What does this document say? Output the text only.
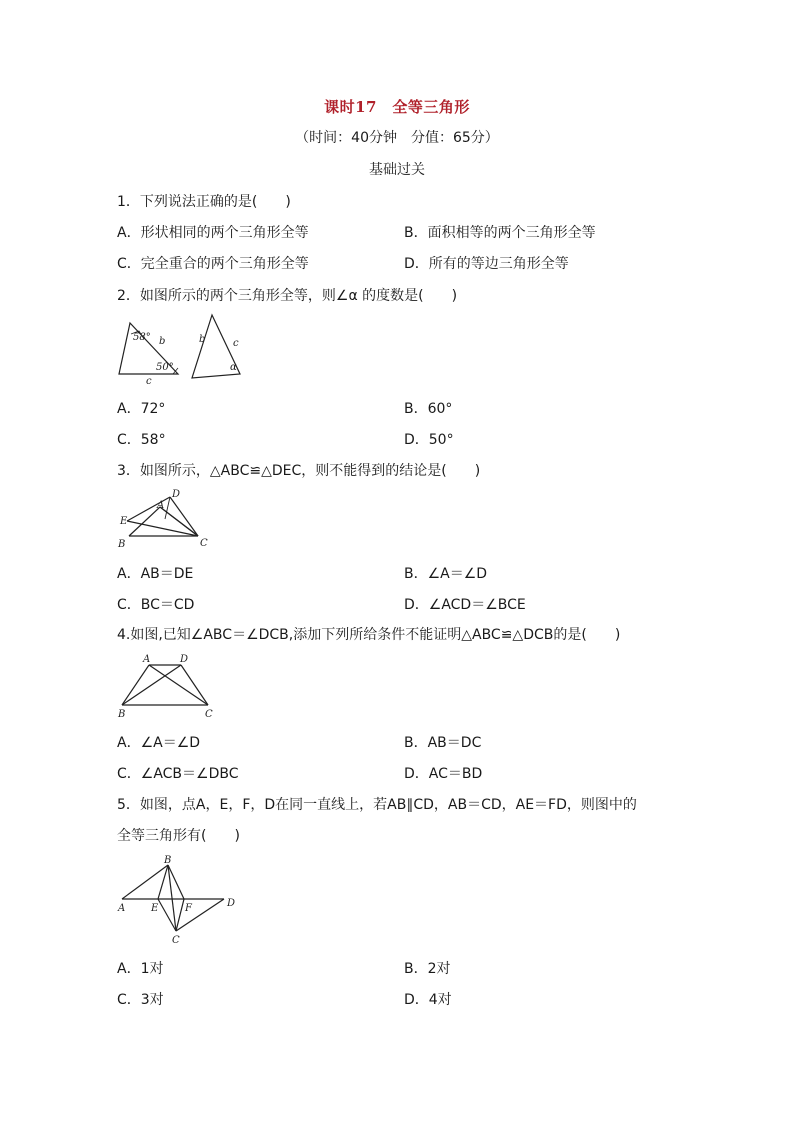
课时17　全等三角形
（时间：40分钟　分值：65分）
基础过关
1．下列说法正确的是(　　)
A．形状相同的两个三角形全等	B．面积相等的两个三角形全等
C．完全重合的两个三角形全等	D．所有的等边三角形全等
2．如图所示的两个三角形全等，则∠α 的度数是(　　)
58° b
50°
c
b	c
α
A．72°	B．60°
C．58°	D．50°
3．如图所示，△ABC≌△DEC，则不能得到的结论是(　　)
D
A
E
B	C
A．AB＝DE	B．∠A＝∠D
C．BC＝CD	D．∠ACD＝∠BCE
4.如图,已知∠ABC＝∠DCB,添加下列所给条件不能证明△ABC≌△DCB的是(　　)
A	D
B	C
A．∠A＝∠D	B．AB＝DC
C．∠ACB＝∠DBC	D．AC＝BD
5．如图，点A，E，F，D在同一直线上，若AB∥CD，AB＝CD，AE＝FD，则图中的
全等三角形有(　　)
B
A	E	F	D
C
A．1对	B．2对
C．3对	D．4对
